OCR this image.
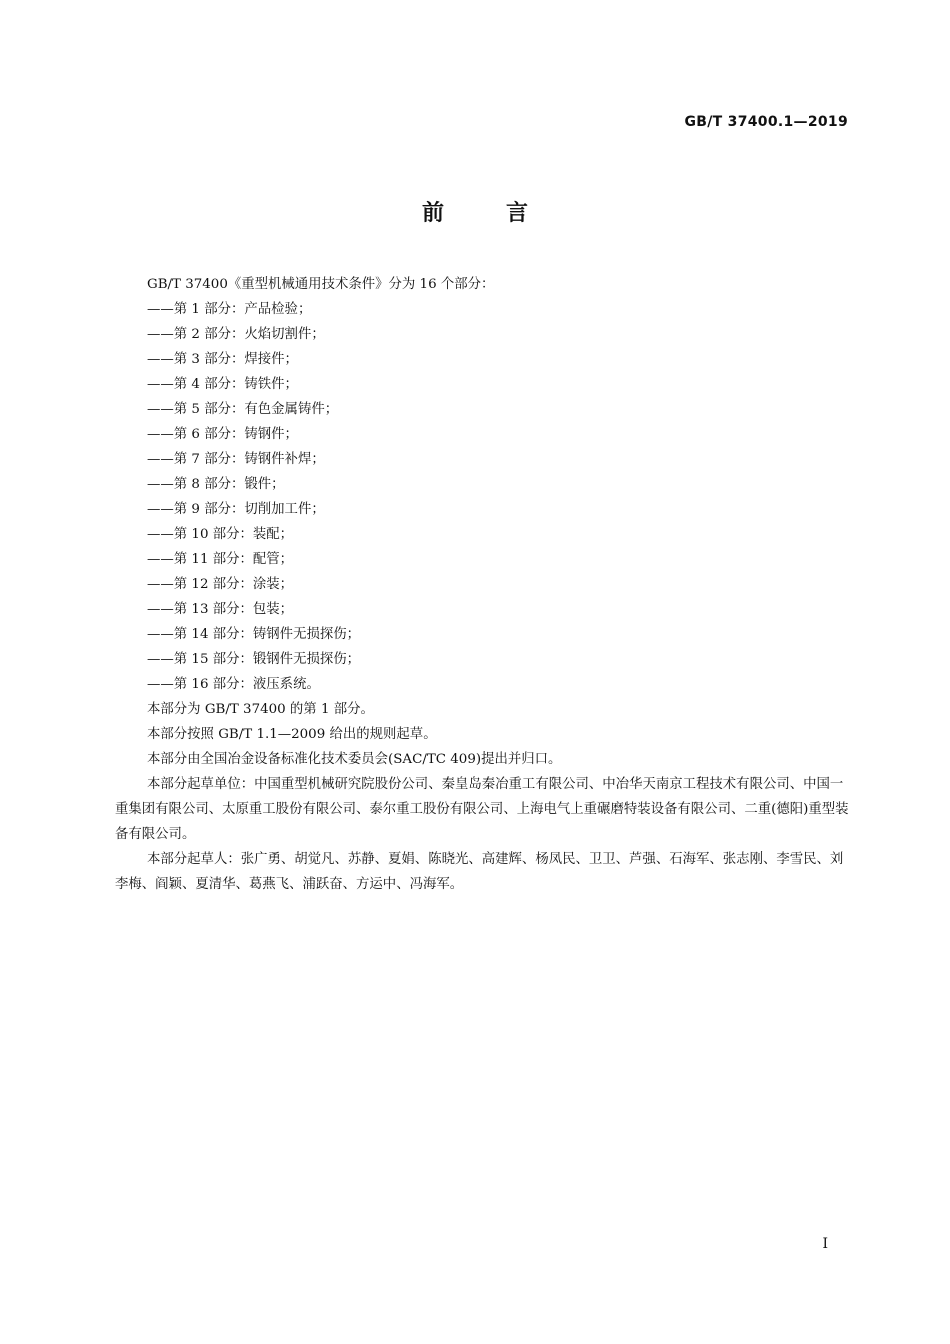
GB/T 37400.1—2019
前言

GB/T 37400《重型机械通用技术条件》分为 16 个部分：

——第 1 部分：产品检验；
——第 2 部分：火焰切割件；
——第 3 部分：焊接件；
——第 4 部分：铸铁件；
——第 5 部分：有色金属铸件；
——第 6 部分：铸钢件；
——第 7 部分：铸钢件补焊；
——第 8 部分：锻件；
——第 9 部分：切削加工件；
——第 10 部分：装配；
——第 11 部分：配管；
——第 12 部分：涂装；
——第 13 部分：包装；
——第 14 部分：铸钢件无损探伤；
——第 15 部分：锻钢件无损探伤；
——第 16 部分：液压系统。

本部分为 GB/T 37400 的第 1 部分。

本部分按照 GB/T 1.1—2009 给出的规则起草。

本部分由全国冶金设备标准化技术委员会(SAC/TC 409)提出并归口。

本部分起草单位：中国重型机械研究院股份公司、秦皇岛秦冶重工有限公司、中冶华天南京工程技术有限公司、中国一重集团有限公司、太原重工股份有限公司、泰尔重工股份有限公司、上海电气上重碾磨特装设备有限公司、二重(德阳)重型装备有限公司。

本部分起草人：张广勇、胡觉凡、苏静、夏娟、陈晓光、高建辉、杨凤民、卫卫、芦强、石海军、张志刚、李雪民、刘李梅、阎颖、夏清华、葛燕飞、浦跃奋、方运中、冯海军。

I
